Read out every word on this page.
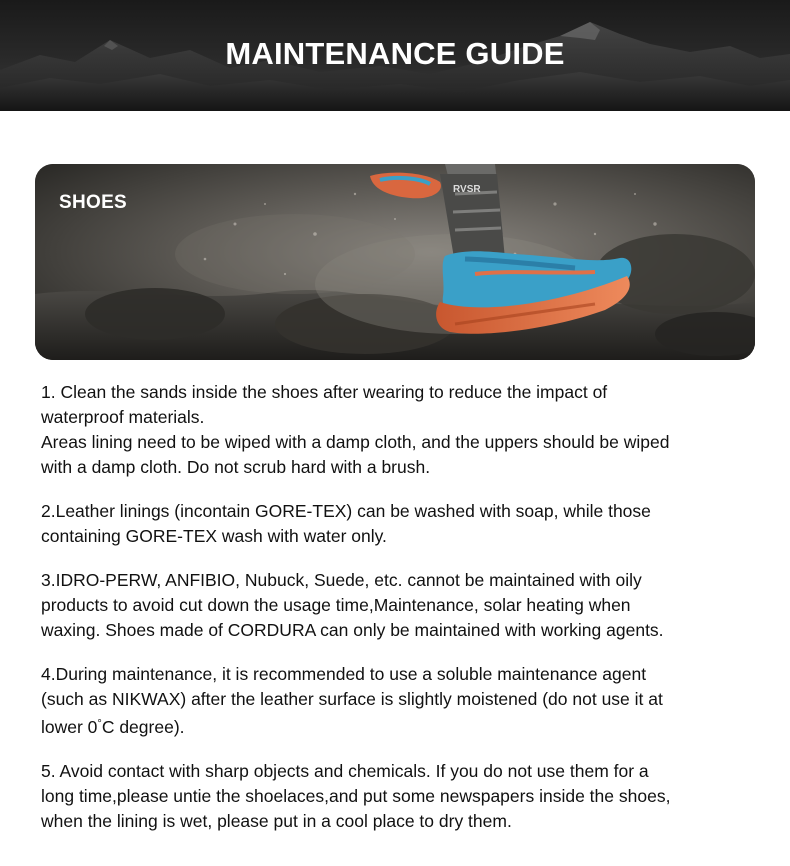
MAINTENANCE GUIDE
RVSR
SHOES
1. Clean the sands inside the shoes after wearing to reduce the impact of
waterproof materials.
Areas lining need to be wiped with a damp cloth, and the uppers should be wiped
with a damp cloth. Do not scrub hard with a brush.
2.Leather linings (incontain GORE-TEX) can be washed with soap, while those
containing GORE-TEX wash with water only.
3.IDRO-PERW, ANFIBIO, Nubuck, Suede, etc. cannot be maintained with oily
products to avoid cut down the usage time,Maintenance, solar heating when
waxing. Shoes made of CORDURA can only be maintained with working agents.
4.During maintenance, it is recommended to use a soluble maintenance agent
(such as NIKWAX) after the leather surface is slightly moistened (do not use it at
lower 0°C degree).
5. Avoid contact with sharp objects and chemicals. If you do not use them for a
long time,please untie the shoelaces,and put some newspapers inside the shoes,
when the lining is wet, please put in a cool place to dry them.
